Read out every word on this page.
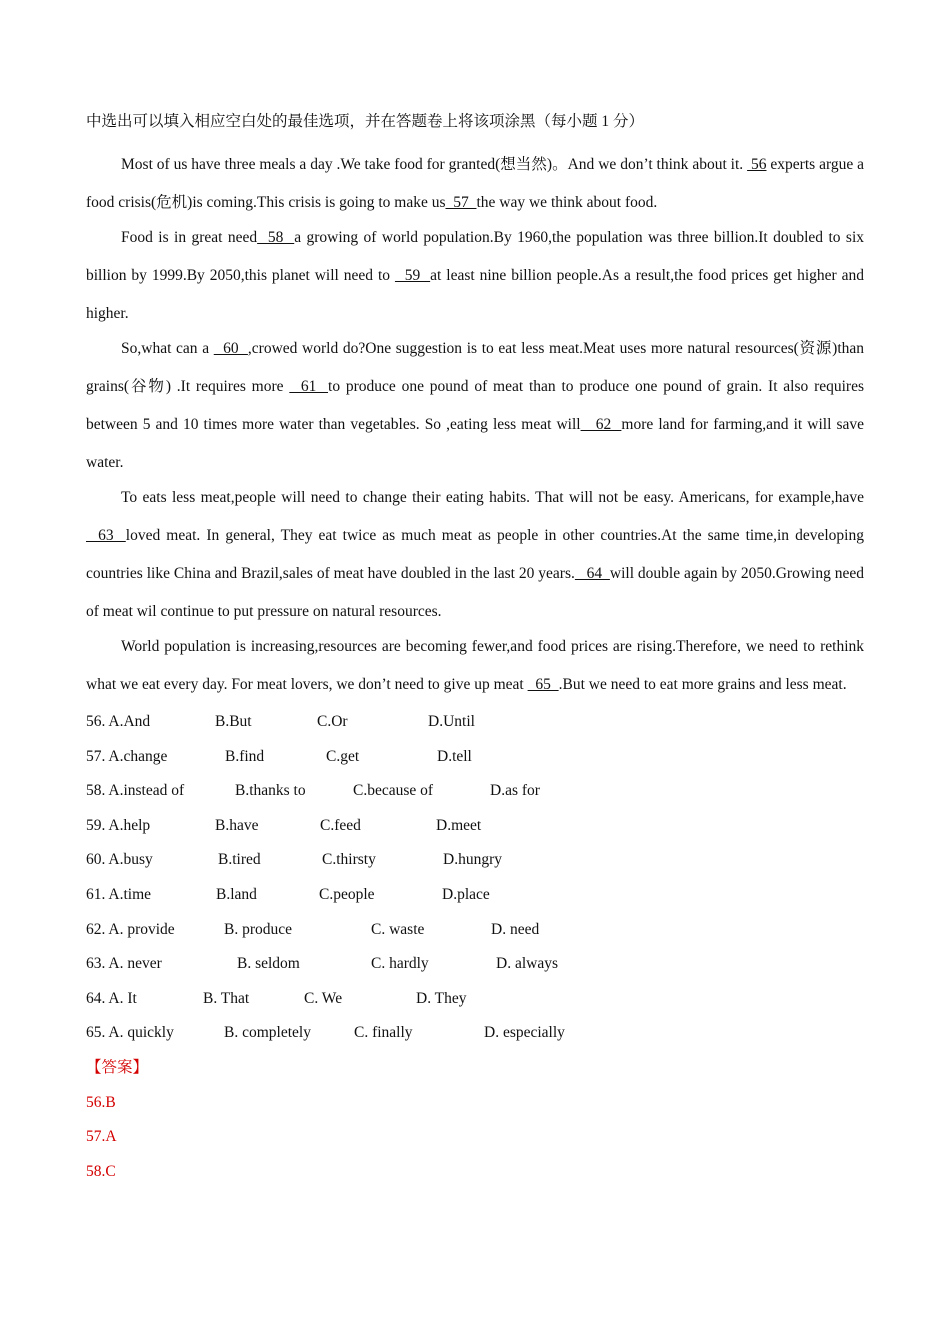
中选出可以填入相应空白处的最佳选项，并在答题卷上将该项涂黑（每小题 1 分）

Most of us have three meals a day .We take food for granted(想当然)。And we don’t think about it.  56 experts argue a food crisis(危机)is coming.This crisis is going to make us  57  the way we think about food.

Food is in great need  58  a growing of world population.By 1960,the population was three billion.It doubled to six billion by 1999.By 2050,this planet will need to   59  at least nine billion people.As a result,the food prices get higher and higher.

So,what can a   60  ,crowed world do?One suggestion is to eat less meat.Meat uses more natural resources(资源)than grains(谷物) .It requires more   61  to produce one pound of meat than to produce one pound of grain. It also requires between 5 and 10 times more water than vegetables. So ,eating less meat will   62  more land for farming,and it will save water.

To eats less meat,people will need to change their eating habits. That will not be easy. Americans, for example,have   63  loved meat. In general, They eat twice as much meat as people in other countries.At the same time,in developing countries like China and Brazil,sales of meat have doubled in the last 20 years.   64  will double again by 2050.Growing need of meat wil continue to put pressure on natural resources.

World population is increasing,resources are becoming fewer,and food prices are rising.Therefore, we need to rethink what we eat every day. For meat lovers, we don’t need to give up meat   65  .But we need to eat more grains and less meat.

56. A.And	B.But	C.Or	D.Until
57. A.change	B.find	C.get	D.tell
58. A.instead of	B.thanks to	C.because of	D.as for
59. A.help	B.have	C.feed	D.meet
60. A.busy	B.tired	C.thirsty	D.hungry
61. A.time	B.land	C.people	D.place
62. A. provide	B. produce	C. waste	D. need
63. A. never	B. seldom	C. hardly	D. always
64. A. It	B. That	C. We	D. They
65. A. quickly	B. completely	C. finally	D. especially
【答案】
56.B
57.A
58.C
